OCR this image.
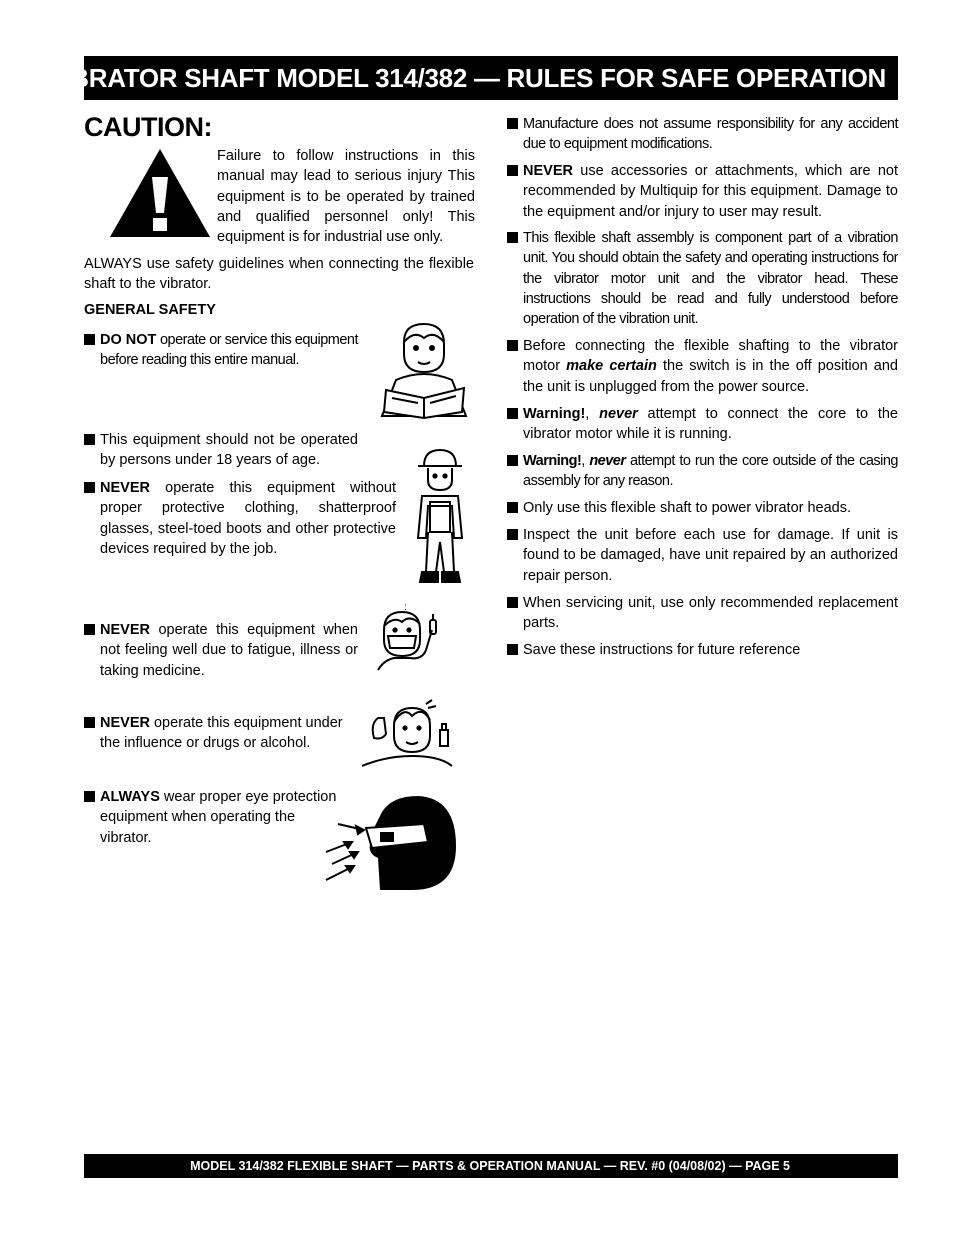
VIBRATOR SHAFT MODEL 314/382 — RULES FOR SAFE OPERATION
CAUTION:
Failure to follow instructions in this manual may lead to serious injury This equipment is to be operated by trained and qualified personnel only! This equipment is for industrial use only.
ALWAYS use safety guidelines when connecting the flexible shaft to the vibrator.
GENERAL SAFETY
DO NOT operate or service this equipment before reading this entire manual.
This equipment should not be operated by persons under 18 years of age.
NEVER operate this equipment without proper protective clothing, shatterproof glasses, steel-toed boots and other protective devices required by the job.
NEVER operate this equipment when not feeling well due to fatigue, illness or taking medicine.
NEVER operate this equipment under the influence or drugs or alcohol.
ALWAYS wear proper eye protection equipment when operating the vibrator.
:
Manufacture does not assume responsibility for any accident due to equipment modifications.
NEVER use accessories or attachments, which are not recommended by Multiquip for this equipment. Damage to the equipment and/or injury to user may result.
This flexible shaft assembly is component part of a vibration unit. You should obtain the safety and operating instructions for the vibrator motor unit and the vibrator head. These instructions should be read and fully understood before operation of the vibration unit.
Before connecting the flexible shafting to the vibrator motor make certain the switch is in the off position and the unit is unplugged from the power source.
Warning!, never attempt to connect the core to the vibrator motor while it is running.
Warning!, never attempt to run the core outside of the casing assembly for any reason.
Only use this flexible shaft to power vibrator heads.
Inspect the unit before each use for damage. If unit is found to be damaged, have unit repaired by an authorized repair person.
When servicing unit, use only recommended replacement parts.
Save these instructions for future reference
MODEL 314/382 FLEXIBLE SHAFT — PARTS & OPERATION MANUAL — REV. #0 (04/08/02) — PAGE 5
